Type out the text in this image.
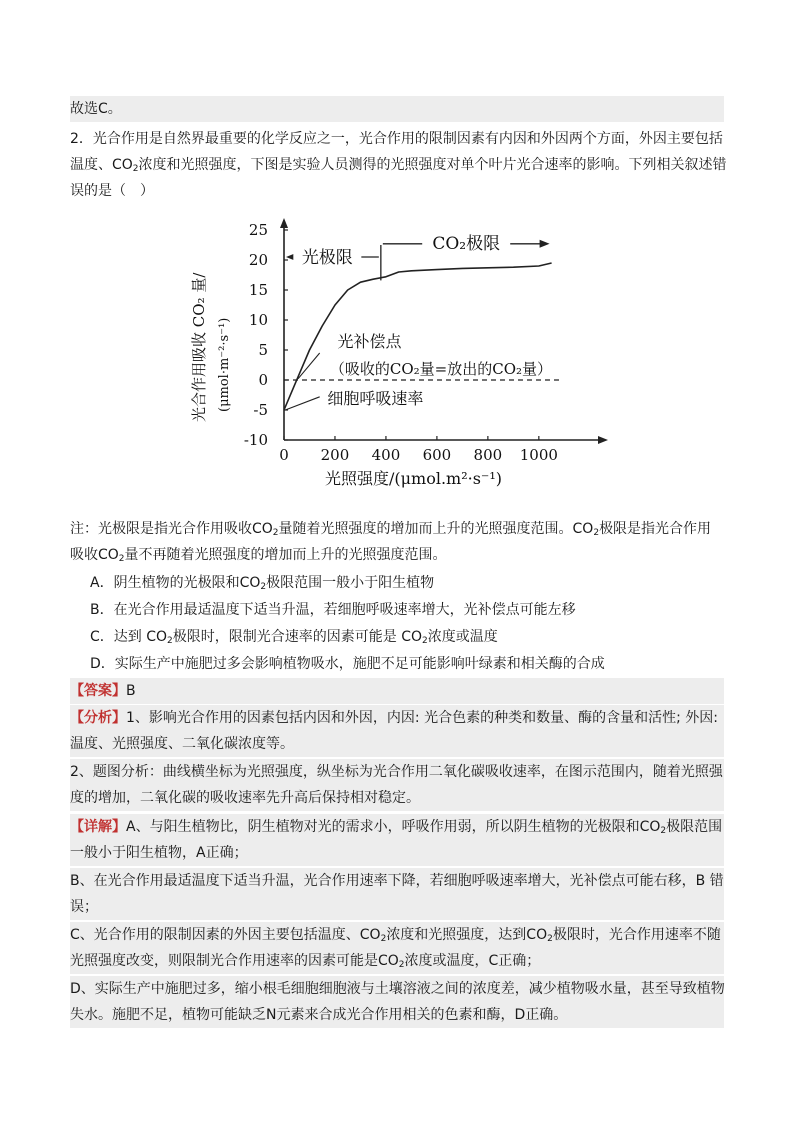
故选C。
2．光合作用是自然界最重要的化学反应之一，光合作用的限制因素有内因和外因两个方面，外因主要包括
温度、$CO_2$浓度和光照强度，下图是实验人员测得的光照强度对单个叶片光合速率的影响。下列相关叙述错
误的是（　）
0 200 400 600 800 1000
25
20
15
10
5
0
-5
-10
光极限
CO₂极限
光补偿点
（吸收的CO₂量=放出的CO₂量）
细胞呼吸速率
光照强度/(μmol.m²·s⁻¹)
光合作用吸收 CO₂ 量/ (μmol·m⁻²·s⁻¹)
注：光极限是指光合作用吸收$CO_2$量随着光照强度的增加而上升的光照强度范围。$CO_2$极限是指光合作用
吸收$CO_2$量不再随着光照强度的增加而上升的光照强度范围。
A．阴生植物的光极限和$CO_2$极限范围一般小于阳生植物
B．在光合作用最适温度下适当升温，若细胞呼吸速率增大，光补偿点可能左移
C．达到 $CO_2$极限时，限制光合速率的因素可能是 $CO_2$浓度或温度
D．实际生产中施肥过多会影响植物吸水，施肥不足可能影响叶绿素和相关酶的合成
【答案】B
【分析】1、影响光合作用的因素包括内因和外因，内因: 光合色素的种类和数量、酶的含量和活性; 外因:
温度、光照强度、二氧化碳浓度等。
2、题图分析：曲线横坐标为光照强度，纵坐标为光合作用二氧化碳吸收速率，在图示范围内，随着光照强
度的增加，二氧化碳的吸收速率先升高后保持相对稳定。
【详解】A、与阳生植物比，阴生植物对光的需求小，呼吸作用弱，所以阴生植物的光极限和$CO_2$极限范围
一般小于阳生植物，A正确；
B、在光合作用最适温度下适当升温，光合作用速率下降，若细胞呼吸速率增大，光补偿点可能右移，B 错
误；
C、光合作用的限制因素的外因主要包括温度、$CO_2$浓度和光照强度，达到$CO_2$极限时，光合作用速率不随
光照强度改变，则限制光合作用速率的因素可能是$CO_2$浓度或温度，C正确；
D、实际生产中施肥过多，缩小根毛细胞细胞液与土壤溶液之间的浓度差，减少植物吸水量，甚至导致植物
失水。施肥不足，植物可能缺乏N元素来合成光合作用相关的色素和酶，D正确。
